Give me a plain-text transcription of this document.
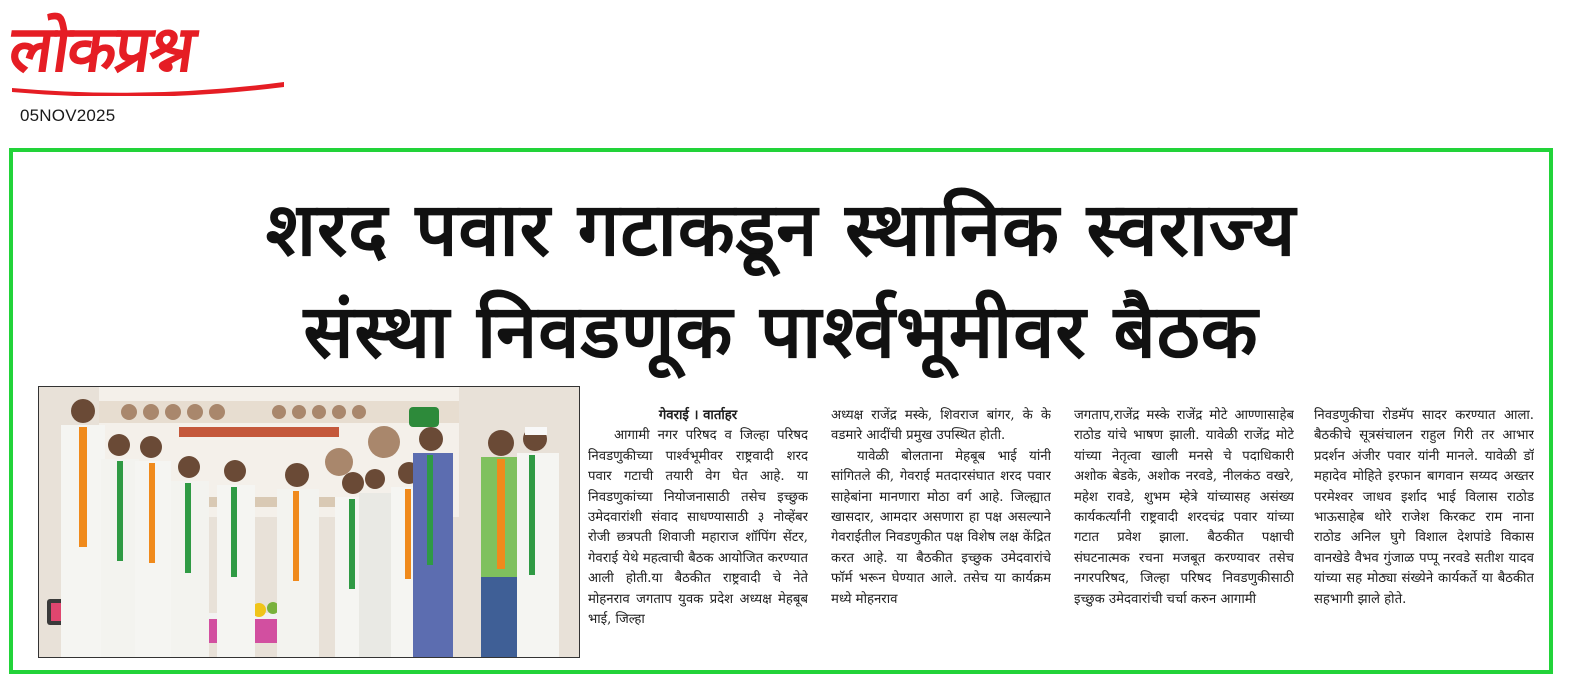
लोकप्रश्न
05NOV2025
शरद पवार गटाकडून स्थानिक स्वराज्य
संस्था निवडणूक पार्श्वभूमीवर बैठक

गेवराई । वार्ताहर

आगामी नगर परिषद व जिल्हा परिषद निवडणुकीच्या पार्श्वभूमीवर राष्ट्रवादी शरद पवार गटाची तयारी वेग घेत आहे. या निवडणुकांच्या नियोजनासाठी तसेच इच्छुक उमेदवारांशी संवाद साधण्यासाठी ३ नोव्हेंबर रोजी छत्रपती शिवाजी महाराज शॉपिंग सेंटर, गेवराई येथे महत्वाची बैठक आयोजित करण्यात आली होती.या बैठकीत राष्ट्रवादी चे नेते मोहनराव जगताप युवक प्रदेश अध्यक्ष मेहबूब भाई, जिल्हा

अध्यक्ष राजेंद्र मस्के, शिवराज बांगर, के के वडमारे आदींची प्रमुख उपस्थित होती.

यावेळी बोलताना मेहबूब भाई यांनी सांगितले की, गेवराई मतदारसंघात शरद पवार साहेबांना मानणारा मोठा वर्ग आहे. जिल्ह्यात खासदार, आमदार असणारा हा पक्ष असल्याने गेवराईतील निवडणुकीत पक्ष विशेष लक्ष केंद्रित करत आहे. या बैठकीत इच्छुक उमेदवारांचे फॉर्म भरून घेण्यात आले. तसेच या कार्यक्रम मध्ये मोहनराव

जगताप,राजेंद्र मस्के राजेंद्र मोटे आण्णासाहेब राठोड यांचे भाषण झाली. यावेळी राजेंद्र मोटे यांच्या नेतृत्वा खाली मनसे चे पदाधिकारी अशोक बेडके, अशोक नरवडे, नीलकंठ वखरे, महेश रावडे, शुभम म्हेत्रे यांच्यासह असंख्य कार्यकर्त्यांनी राष्ट्रवादी शरदचंद्र पवार यांच्या गटात प्रवेश झाला. बैठकीत पक्षाची संघटनात्मक रचना मजबूत करण्यावर तसेच नगरपरिषद, जिल्हा परिषद निवडणुकीसाठी इच्छुक उमेदवारांची चर्चा करुन आगामी

निवडणुकीचा रोडमॅप सादर करण्यात आला. बैठकीचे सूत्रसंचालन राहुल गिरी तर आभार प्रदर्शन अंजीर पवार यांनी मानले. यावेळी डॉ महादेव मोहिते इरफान बागवान सय्यद अख्तर परमेश्वर जाधव इर्शाद भाई विलास राठोड भाऊसाहेब थोरे राजेश किरकट राम नाना राठोड अनिल घुगे विशाल देशपांडे विकास वानखेडे वैभव गुंजाळ पप्पू नरवडे सतीश यादव यांच्या सह मोठ्या संख्येने कार्यकर्ते या बैठकीत सहभागी झाले होते.
